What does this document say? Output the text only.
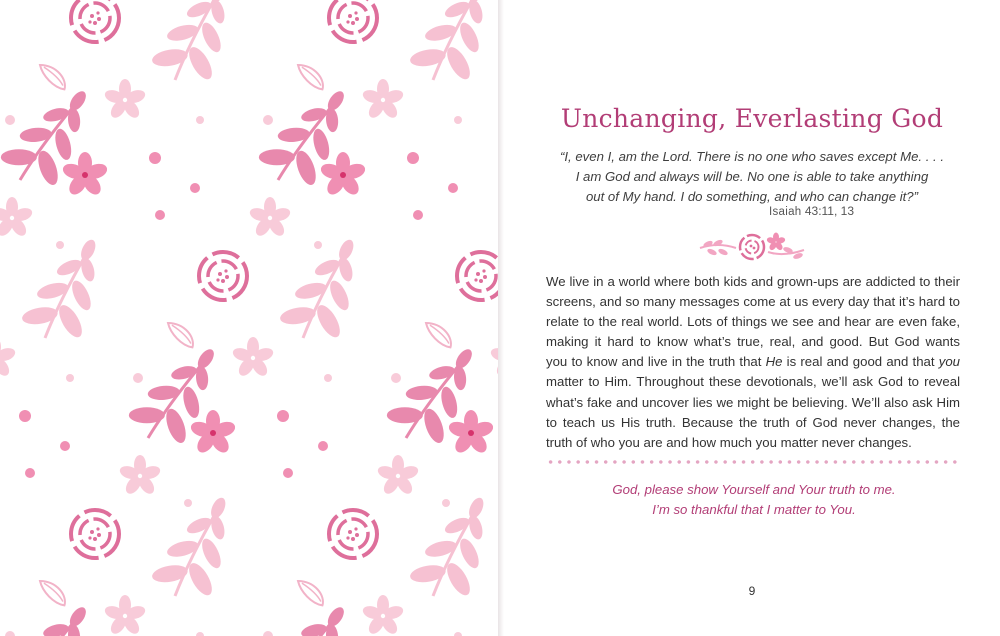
Unchanging, Everlasting God
“I, even I, am the Lord. There is no one who saves except Me. . . .
I am God and always will be. No one is able to take anything
out of My hand. I do something, and who can change it?”
Isaiah 43:11, 13
We live in a world where both kids and grown-ups are addicted to their
screens, and so many messages come at us every day that it’s hard to
relate to the real world. Lots of things we see and hear are even fake,
making it hard to know what’s true, real, and good. But God wants
you to know and live in the truth that He is real and good and that you
matter to Him. Throughout these devotionals, we’ll ask God to reveal
what’s fake and uncover lies we might be believing. We’ll also ask Him
to teach us His truth. Because the truth of God never changes, the
truth of who you are and how much you matter never changes.
God, please show Yourself and Your truth to me.
I’m so thankful that I matter to You.
9
